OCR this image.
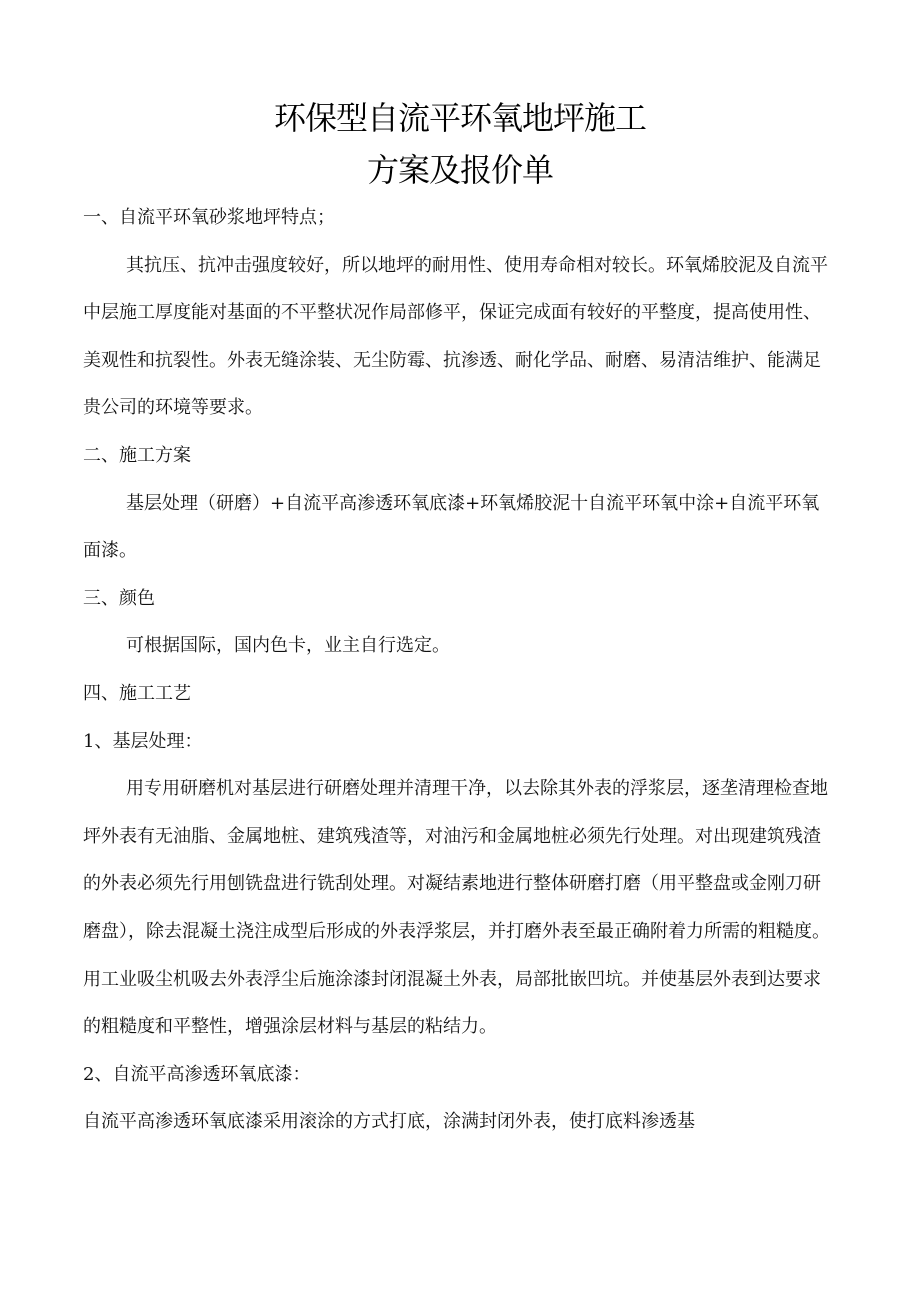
环保型自流平环氧地坪施工
方案及报价单

一、自流平环氧砂浆地坪特点；

其抗压、抗冲击强度较好，所以地坪的耐用性、使用寿命相对较长。环氧烯胶泥及自流平中层施工厚度能对基面的不平整状况作局部修平，保证完成面有较好的平整度，提高使用性、美观性和抗裂性。外表无缝涂装、无尘防霉、抗渗透、耐化学品、耐磨、易清洁维护、能满足贵公司的环境等要求。

二、施工方案

基层处理（研磨）+自流平高渗透环氧底漆+环氧烯胶泥十自流平环氧中涂+自流平环氧面漆。

三、颜色

可根据国际，国内色卡，业主自行选定。

四、施工工艺

1、基层处理：

用专用研磨机对基层进行研磨处理并清理干净，以去除其外表的浮浆层，逐垄清理检查地坪外表有无油脂、金属地桩、建筑残渣等，对油污和金属地桩必须先行处理。对出现建筑残渣的外表必须先行用刨铣盘进行铣刮处理。对凝结素地进行整体研磨打磨（用平整盘或金刚刀研磨盘），除去混凝土浇注成型后形成的外表浮浆层，并打磨外表至最正确附着力所需的粗糙度。用工业吸尘机吸去外表浮尘后施涂漆封闭混凝土外表，局部批嵌凹坑。并使基层外表到达要求的粗糙度和平整性，增强涂层材料与基层的粘结力。

2、自流平高渗透环氧底漆：

自流平高渗透环氧底漆采用滚涂的方式打底，涂满封闭外表，使打底料渗透基
